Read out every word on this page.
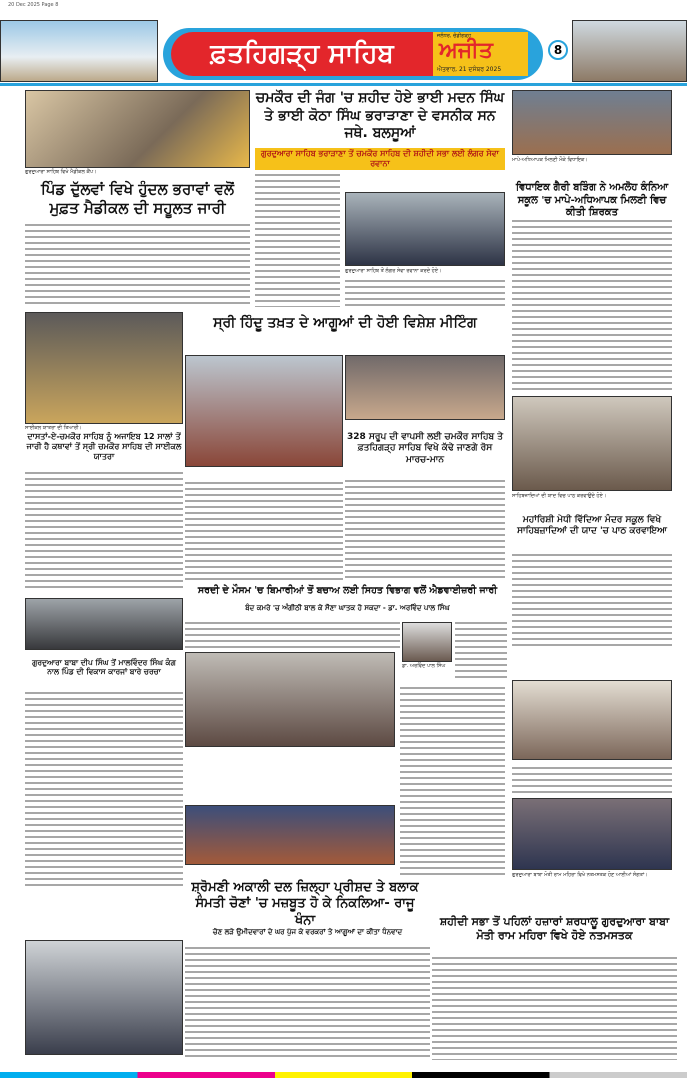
20 Dec 2025 Page 8
ਫ਼ਤਹਿਗੜ੍ਹ ਸਾਹਿਬ
ਜਲੰਧਰ, ਚੰਡੀਗੜ੍ਹ
ਅਜੀਤ
ਐਤਵਾਰ, 21 ਦਸੰਬਰ 2025
8
ਗੁਰਦੁਆਰਾ ਸਾਹਿਬ ਵਿਖੇ ਮੈਡੀਕਲ ਕੈਂਪ।
ਚਮਕੌਰ ਦੀ ਜੰਗ 'ਚ ਸ਼ਹੀਦ ਹੋਏ ਭਾਈ ਮਦਨ ਸਿੰਘ ਤੇ ਭਾਈ ਕੋਠਾ ਸਿੰਘ ਭਰਾੜਾਣਾ ਦੇ ਵਸਨੀਕ ਸਨ ਜਥੇ. ਬਲਸੂਆਂ
ਗੁਰਦੁਆਰਾ ਸਾਹਿਬ ਭਰਾੜਾਣਾ ਤੋਂ ਚਮਕੌਰ ਸਾਹਿਬ ਦੀ ਸ਼ਹੀਦੀ ਸਭਾ ਲਈ ਲੰਗਰ ਸੇਵਾ ਰਵਾਨਾ	ਮਾਪੇ-ਅਧਿਆਪਕ ਮਿਲਣੀ ਮੌਕੇ ਵਿਧਾਇਕ।
ਪਿੰਡ ਦੁੱਲਵਾਂ ਵਿਖੇ ਹੁੰਦਲ ਭਰਾਵਾਂ ਵਲੋਂ ਮੁਫ਼ਤ ਮੈਡੀਕਲ ਦੀ ਸਹੂਲਤ ਜਾਰੀ
ਗੁਰਦੁਆਰਾ ਸਾਹਿਬ ਤੋਂ ਲੰਗਰ ਸੇਵਾ ਰਵਾਨਾ ਕਰਦੇ ਹੋਏ।
ਵਿਧਾਇਕ ਗੈਰੀ ਬੜਿੰਗ ਨੇ ਅਮਲੋਹ ਕੰਨਿਆ ਸਕੂਲ 'ਚ ਮਾਪੇ-ਅਧਿਆਪਕ ਮਿਲਣੀ ਵਿਚ ਕੀਤੀ ਸ਼ਿਰਕਤ
ਸਾਈਕਲ ਯਾਤਰਾ ਦੀ ਤਿਆਰੀ।
ਸ੍ਰੀ ਹਿੰਦੂ ਤਖ਼ਤ ਦੇ ਆਗੂਆਂ ਦੀ ਹੋਈ ਵਿਸ਼ੇਸ਼ ਮੀਟਿੰਗ
ਦਾਸਤਾਂ-ਏ-ਚਮਕੌਰ ਸਾਹਿਬ ਨੂੰ ਅਜਾਇਬ 12 ਸਾਲਾਂ ਤੋਂ ਜਾਰੀ ਹੈ ਕਥਾਵਾਂ ਤੋਂ ਸ੍ਰੀ ਚਮਕੌਰ ਸਾਹਿਬ ਦੀ ਸਾਈਕਲ ਯਾਤਰਾ
328 ਸਰੂਪ ਦੀ ਵਾਪਸੀ ਲਈ ਚਮਕੌਰ ਸਾਹਿਬ ਤੇ ਫ਼ਤਹਿਗੜ੍ਹ ਸਾਹਿਬ ਵਿਖੇ ਕੱਢੇ ਜਾਣਗੇ ਰੋਸ ਮਾਰਚ-ਮਾਨ
ਸਾਹਿਬਜ਼ਾਦਿਆਂ ਦੀ ਯਾਦ ਵਿਚ ਪਾਠ ਕਰਵਾਉਂਦੇ ਹੋਏ।
ਮਹਾਂਰਿਸ਼ੀ ਮੇਧੀ ਵਿੱਦਿਆ ਮੰਦਰ ਸਕੂਲ ਵਿਖੇ ਸਾਹਿਬਜ਼ਾਦਿਆਂ ਦੀ ਯਾਦ 'ਚ ਪਾਠ ਕਰਵਾਇਆ
ਸਰਦੀ ਦੇ ਮੌਸਮ 'ਚ ਬਿਮਾਰੀਆਂ ਤੋਂ ਬਚਾਅ ਲਈ ਸਿਹਤ ਵਿਭਾਗ ਵਲੋਂ ਐਡਵਾਈਜ਼ਰੀ ਜਾਰੀ
ਬੰਦ ਕਮਰੇ 'ਚ ਅੰਗੀਠੀ ਬਾਲ ਕੇ ਸੌਣਾ ਘਾਤਕ ਹੋ ਸਕਦਾ - ਡਾ. ਅਰਵਿੰਦ ਪਾਲ ਸਿੰਘ
ਗੁਰਦੁਆਰਾ ਬਾਬਾ ਦੀਪ ਸਿੰਘ ਤੋਂ ਮਾਲਵਿੰਦਰ ਸਿੰਘ ਕੰਗ ਨਾਲ ਪਿੰਡ ਦੀ ਵਿਕਾਸ ਕਾਰਜਾਂ ਬਾਰੇ ਚਰਚਾ
ਡਾ. ਅਰਵਿੰਦ ਪਾਲ ਸਿੰਘ
ਗੁਰਦੁਆਰਾ ਬਾਬਾ ਮੋਤੀ ਰਾਮ ਮਹਿਰਾ ਵਿਖੇ ਨਤਮਸਤਕ ਹੋਣ ਆਈਆਂ ਸੰਗਤਾਂ।
ਸ਼੍ਰੋਮਣੀ ਅਕਾਲੀ ਦਲ ਜ਼ਿਲ੍ਹਾ ਪ੍ਰੀਸ਼ਦ ਤੇ ਬਲਾਕ ਸੰਮਤੀ ਚੋਣਾਂ 'ਚ ਮਜ਼ਬੂਤ ਹੋ ਕੇ ਨਿਕਲਿਆ- ਰਾਜੂ ਖੰਨਾ
ਚੋਣ ਲੜੇ ਉਮੀਦਵਾਰਾਂ ਦੇ ਘਰ ਪੁੱਜ ਕੇ ਵਰਕਰਾਂ ਤੇ ਆਗੂਆਂ ਦਾ ਕੀਤਾ ਧੰਨਵਾਦ
ਸ਼ਹੀਦੀ ਸਭਾ ਤੋਂ ਪਹਿਲਾਂ ਹਜ਼ਾਰਾਂ ਸ਼ਰਧਾਲੂ ਗੁਰਦੁਆਰਾ ਬਾਬਾ ਮੋਤੀ ਰਾਮ ਮਹਿਰਾ ਵਿਖੇ ਹੋਏ ਨਤਮਸਤਕ
